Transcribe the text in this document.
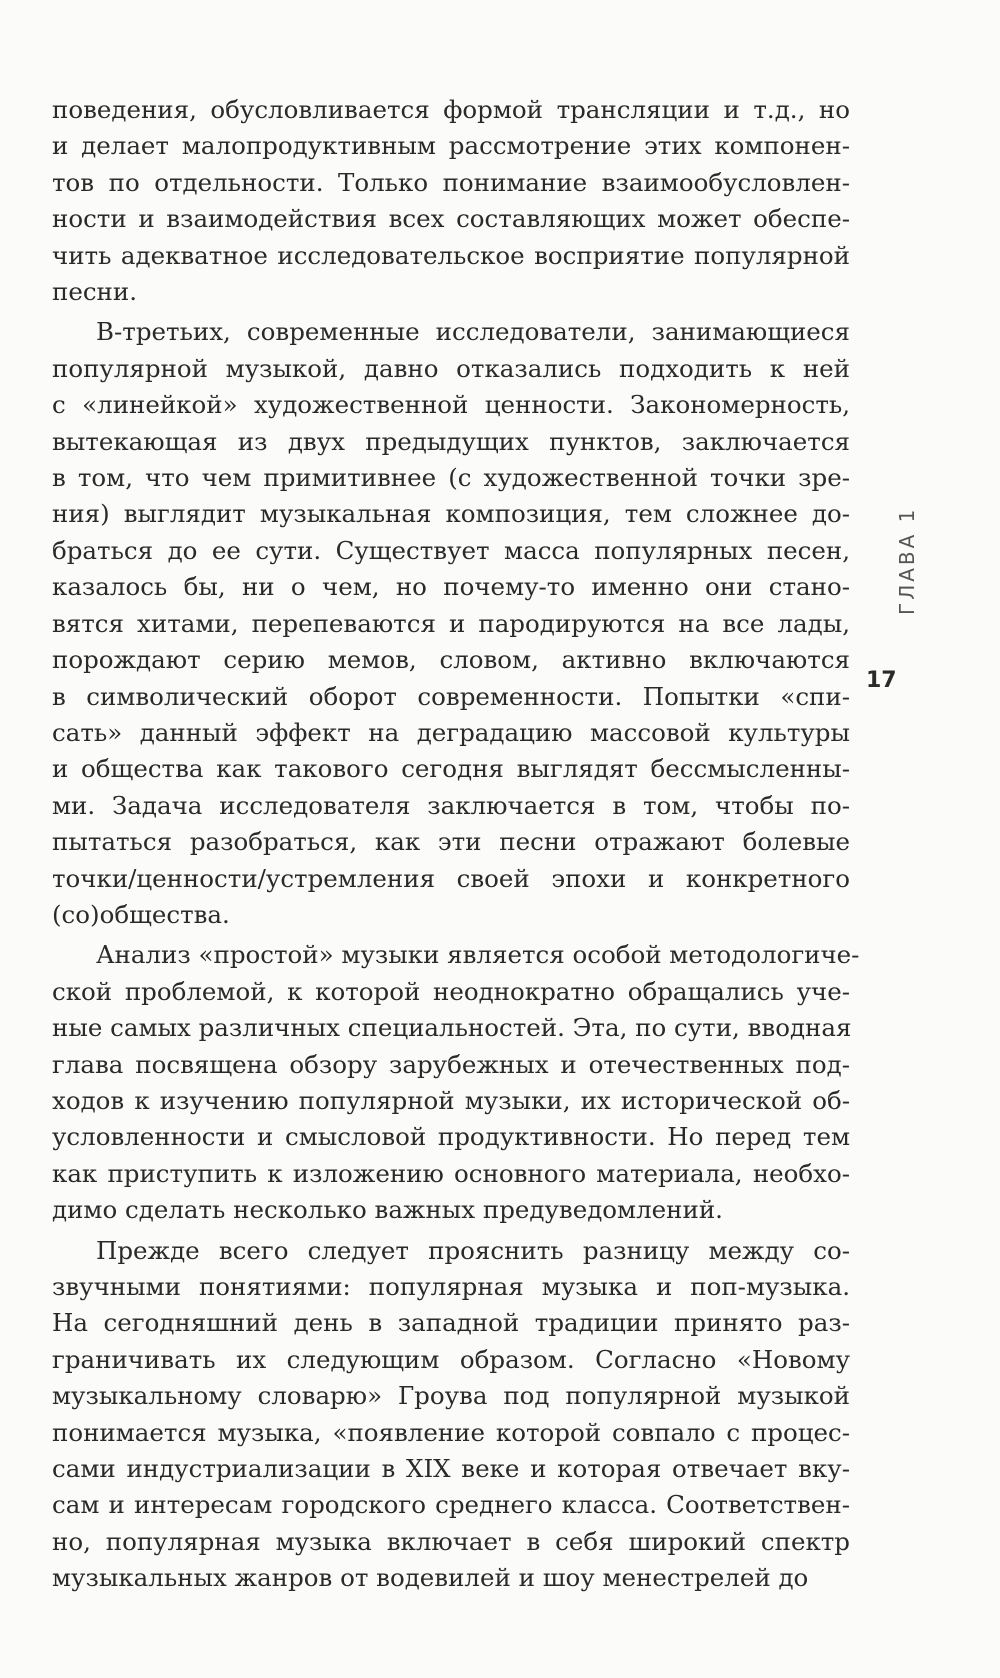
поведения, обусловливается формой трансляции и т.д., но
и делает малопродуктивным рассмотрение этих компонен-
тов по отдельности. Только понимание взаимообусловлен-
ности и взаимодействия всех составляющих может обеспе-
чить адекватное исследовательское восприятие популярной
песни.
В-третьих, современные исследователи, занимающиеся
популярной музыкой, давно отказались подходить к ней
с «линейкой» художественной ценности. Закономерность,
вытекающая из двух предыдущих пунктов, заключается
в том, что чем примитивнее (с художественной точки зре-
ния) выглядит музыкальная композиция, тем сложнее до-
браться до ее сути. Существует масса популярных песен,
казалось бы, ни о чем, но почему-то именно они стано-
вятся хитами, перепеваются и пародируются на все лады,
порождают серию мемов, словом, активно включаются
в символический оборот современности. Попытки «спи-
сать» данный эффект на деградацию массовой культуры
и общества как такового сегодня выглядят бессмысленны-
ми. Задача исследователя заключается в том, чтобы по-
пытаться разобраться, как эти песни отражают болевые
точки/ценности/устремления своей эпохи и конкретного
(со)общества.
Анализ «простой» музыки является особой методологиче-
ской проблемой, к которой неоднократно обращались уче-
ные самых различных специальностей. Эта, по сути, вводная
глава посвящена обзору зарубежных и отечественных под-
ходов к изучению популярной музыки, их исторической об-
условленности и смысловой продуктивности. Но перед тем
как приступить к изложению основного материала, необхо-
димо сделать несколько важных предуведомлений.
Прежде всего следует прояснить разницу между со-
звучными понятиями: популярная музыка и поп-музыка.
На сегодняшний день в западной традиции принято раз-
граничивать их следующим образом. Согласно «Новому
музыкальному словарю» Гроува под популярной музыкой
понимается музыка, «появление которой совпало с процес-
сами индустриализации в XIX веке и которая отвечает вку-
сам и интересам городского среднего класса. Соответствен-
но, популярная музыка включает в себя широкий спектр
музыкальных жанров от водевилей и шоу менестрелей до
ГЛАВА 1
17
